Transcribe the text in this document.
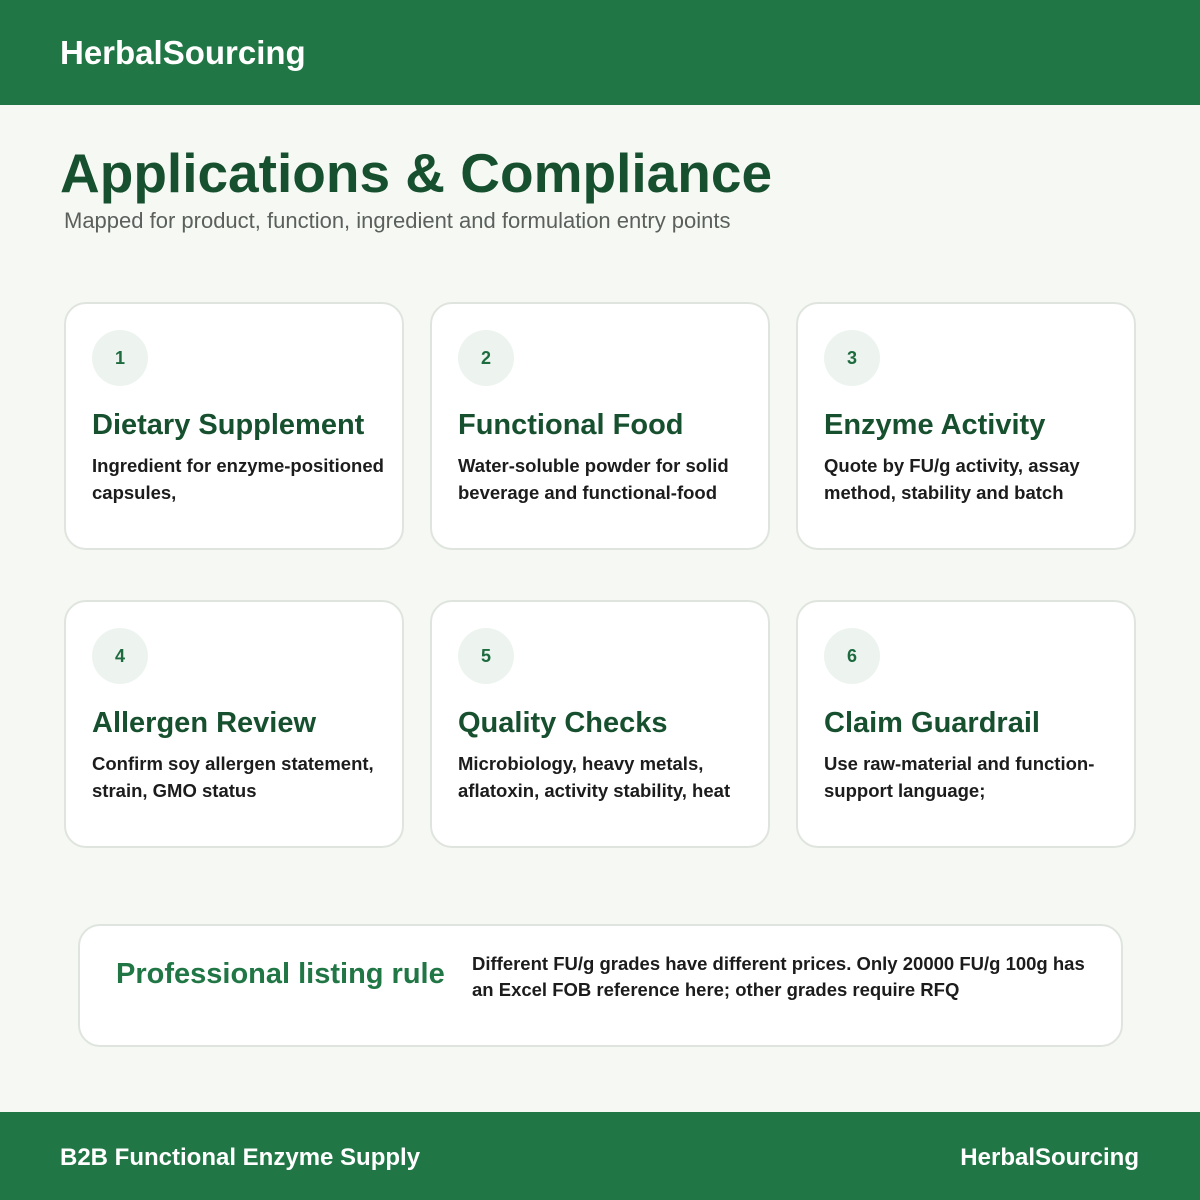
HerbalSourcing
Applications & Compliance
Mapped for product, function, ingredient and formulation entry points
1
Dietary Supplement
Ingredient for enzyme-positioned capsules,
2
Functional Food
Water-soluble powder for solid beverage and functional-food
3
Enzyme Activity
Quote by FU/g activity, assay method, stability and batch
4
Allergen Review
Confirm soy allergen statement, strain, GMO status
5
Quality Checks
Microbiology, heavy metals, aflatoxin, activity stability, heat
6
Claim Guardrail
Use raw-material and function-support language;
Professional listing rule Different FU/g grades have different prices. Only 20000 FU/g 100g has an Excel FOB reference here; other grades require RFQ
B2B Functional Enzyme Supply	HerbalSourcing
